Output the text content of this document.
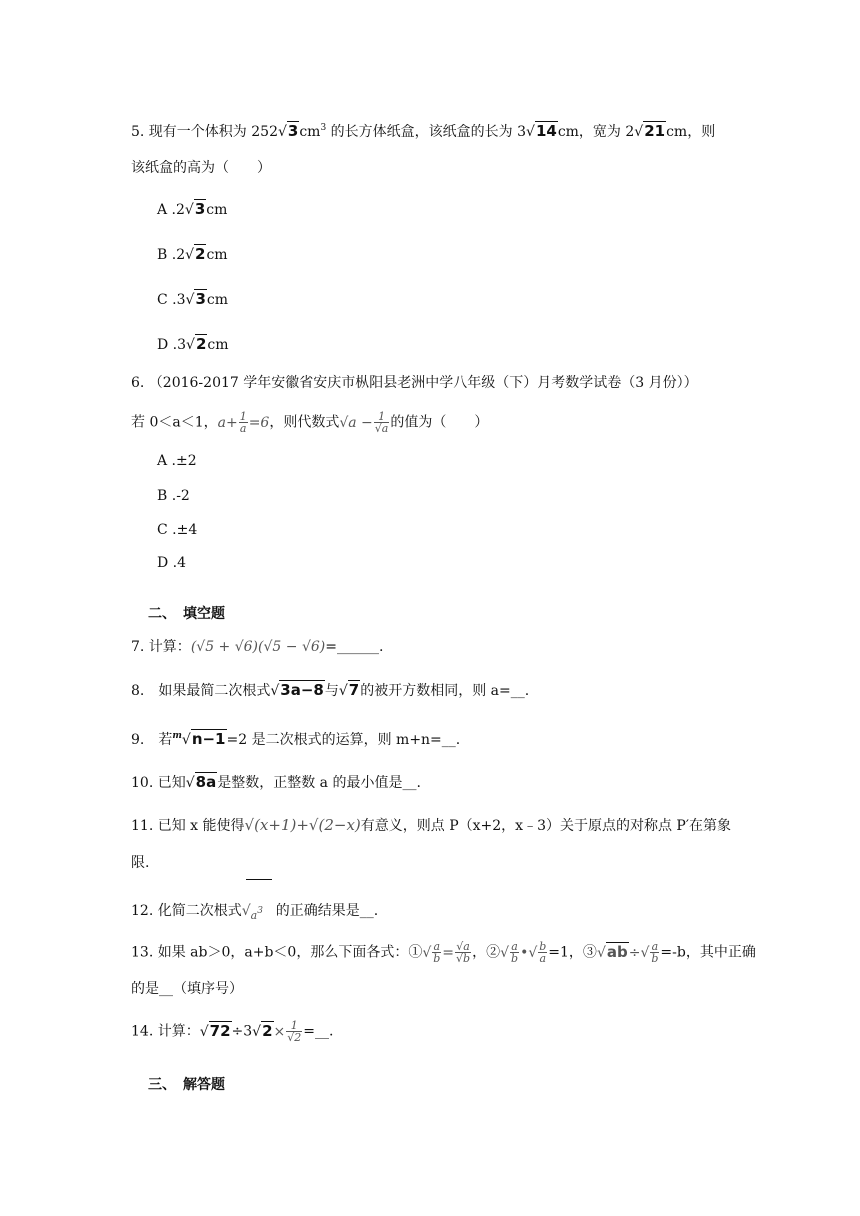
5. 现有一个体积为 $252√3cm^3$ 的长方体纸盒，该纸盒的长为 3√14cm，宽为 2√21cm，则
该纸盒的高为（　　）
A .2√3cm
B .2√2cm
C .3√3cm
D .3√2cm
6. （2016-2017 学年安徽省安庆市枞阳县老洲中学八年级（下）月考数学试卷（3 月份））
若 0＜a＜1，$a+ \frac{1}{a} =6$，则代数式$√a - \frac{1}{√a}$ 的值为（　　）
A .±2
B .-2
C .±4
D .4
二、　填空题
7. 计算：(√5 + √6)(√5 − √6)=______.
8.　如果最简二次根式√3a−8与√7的被开方数相同，则 a=__.
9.　若$^m$√n−1=2 是二次根式的运算，则 m+n=__.
10. 已知√8a是整数，正整数 a 的最小值是__.
11. 已知 x 能使得√(x+1)+√(2−x)有意义，则点 P（x+2，x﹣3）关于原点的对称点 P′在第象
限.
12. 化简二次根式
$√_{a^3}$ 的正确结果是__.
13. 如果 ab＞0，a+b＜0，那么下面各式：①√ $\frac{a}{b} = \frac{√a}{√b}$ ，②√ $\frac{a}{b}$ •√ $\frac{b}{a} =1$，③√ab÷√ $\frac{a}{b} =-b$，其中正确
的是__（填序号）
14. 计算：$√72\div 3√2\times \frac{1}{√2}$ =__.
三、　解答题
